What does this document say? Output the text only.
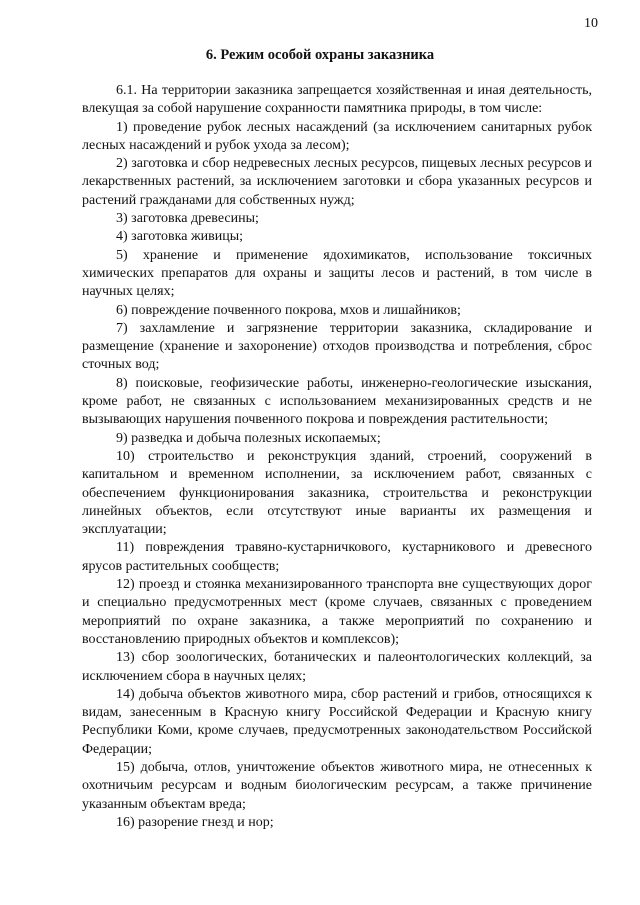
10
6. Режим особой охраны заказника

6.1. На территории заказника запрещается хозяйственная и иная деятельность, влекущая за собой нарушение сохранности памятника природы, в том числе:

1) проведение рубок лесных насаждений (за исключением санитарных рубок лесных насаждений и рубок ухода за лесом);

2) заготовка и сбор недревесных лесных ресурсов, пищевых лесных ресурсов и лекарственных растений, за исключением заготовки и сбора указанных ресурсов и растений гражданами для собственных нужд;

3) заготовка древесины;

4) заготовка живицы;

5) хранение и применение ядохимикатов, использование токсичных химических препаратов для охраны и защиты лесов и растений, в том числе в научных целях;

6) повреждение почвенного покрова, мхов и лишайников;

7) захламление и загрязнение территории заказника, складирование и размещение (хранение и захоронение) отходов производства и потребления, сброс сточных вод;

8) поисковые, геофизические работы, инженерно-геологические изыскания, кроме работ, не связанных с использованием механизированных средств и не вызывающих нарушения почвенного покрова и повреждения растительности;

9) разведка и добыча полезных ископаемых;

10) строительство и реконструкция зданий, строений, сооружений в капитальном и временном исполнении, за исключением работ, связанных с обеспечением функционирования заказника, строительства и реконструкции линейных объектов, если отсутствуют иные варианты их размещения и эксплуатации;

11) повреждения травяно-кустарничкового, кустарникового и древесного ярусов растительных сообществ;

12) проезд и стоянка механизированного транспорта вне существующих дорог и специально предусмотренных мест (кроме случаев, связанных с проведением мероприятий по охране заказника, а также мероприятий по сохранению и восстановлению природных объектов и комплексов);

13) сбор зоологических, ботанических и палеонтологических коллекций, за исключением сбора в научных целях;

14) добыча объектов животного мира, сбор растений и грибов, относящихся к видам, занесенным в Красную книгу Российской Федерации и Красную книгу Республики Коми, кроме случаев, предусмотренных законодательством Российской Федерации;

15) добыча, отлов, уничтожение объектов животного мира, не отнесенных к охотничьим ресурсам и водным биологическим ресурсам, а также причинение указанным объектам вреда;

16) разорение гнезд и нор;
